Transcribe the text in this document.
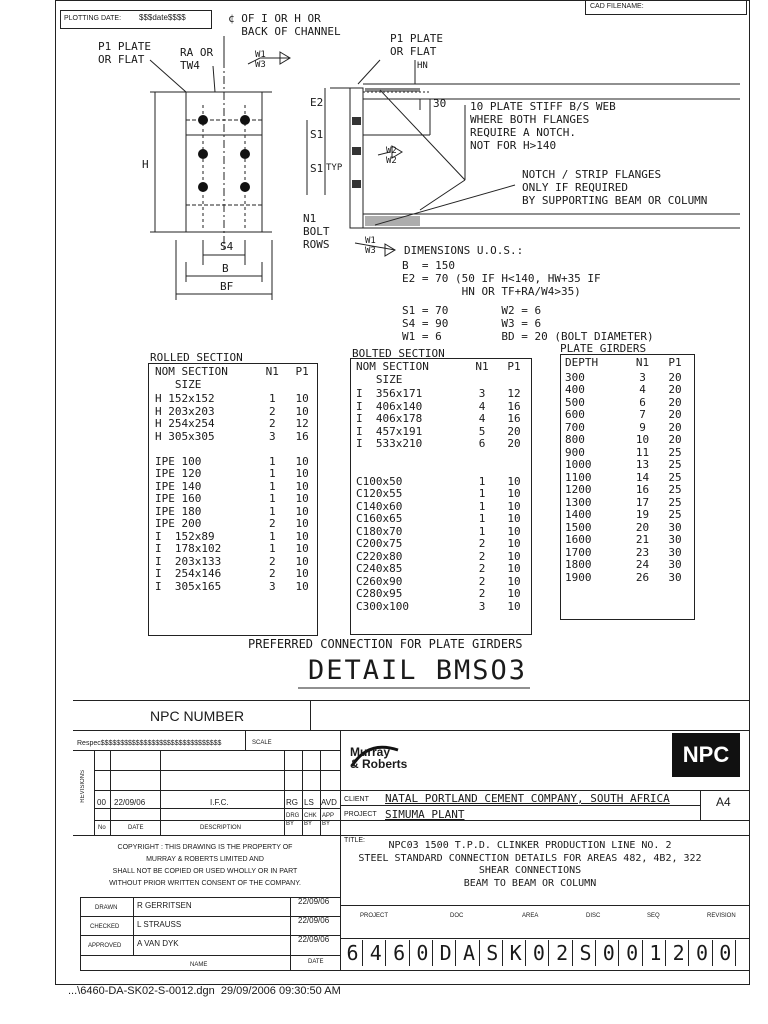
PLOTTING DATE: $$$date$$$$
CAD FILENAME:
¢ OF I OR H OR
BACK OF CHANNEL
P1 PLATE
OR FLAT
RA OR
TW4
W1
W3
P1 PLATE
OR FLAT
HN
30
E2
S1
S1 TYP
W2
W2
N1
BOLT
ROWS	W1
W3
H
S4
B
BF
10 PLATE STIFF B/S WEB
WHERE BOTH FLANGES
REQUIRE A NOTCH.
NOT FOR H>140
NOTCH / STRIP FLANGES
ONLY IF REQUIRED
BY SUPPORTING BEAM OR COLUMN
DIMENSIONS U.O.S.:
B  = 150
E2 = 70 (50 IF H<140, HW+35 IF
HN OR TF+RA/W4>35)
S1 = 70        W2 = 6
S4 = 90        W3 = 6
W1 = 6         BD = 20 (BOLT DIAMETER)
ROLLED SECTION
NOM SECTION
SIZE
N1	P1
H 152x152	1	10
H 203x203	2	10
H 254x254	2	12
H 305x305	3	16

IPE 100	1	10
IPE 120	1	10
IPE 140	1	10
IPE 160	1	10
IPE 180	1	10
IPE 200	2	10
I  152x89	1	10
I  178x102	1	10
I  203x133	2	10
I  254x146	2	10
I  305x165	3	10
BOLTED SECTION
NOM SECTION
SIZE
N1	P1
I  356x171	3	12
I  406x140	4	16
I  406x178	4	16
I  457x191	5	20
I  533x210	6	20

C100x50	1	10
C120x55	1	10
C140x60	1	10
C160x65	1	10
C180x70	1	10
C200x75	2	10
C220x80	2	10
C240x85	2	10
C260x90	2	10
C280x95	2	10
C300x100	3	10
PLATE GIRDERS
DEPTH	N1	P1
300	3	20
400	4	20
500	6	20
600	7	20
700	9	20
800	10	20
900	11	25
1000	13	25
1100	14	25
1200	16	25
1300	17	25
1400	19	25
1500	20	30
1600	21	30
1700	23	30
1800	24	30
1900	26	30
PREFERRED CONNECTION FOR PLATE GIRDERS
DETAIL BMSO3
NPC NUMBER
Respec$$$$$$$$$$$$$$$$$$$$$$$$$$$$$$$	SCALE
Murray
& Roberts	NPC
REVISIONS 00 22/09/06	I.F.C.	RG LS AVD
No	DATE	DESCRIPTION
DRG
BY
CHK
BY
APP
BY
CLIENT NATAL PORTLAND CEMENT COMPANY, SOUTH AFRICA	A4
PROJECT SIMUMA PLANT
TITLE:	NPC03 1500 T.P.D. CLINKER PRODUCTION LINE NO. 2
STEEL STANDARD CONNECTION DETAILS FOR AREAS 482, 4B2, 322
SHEAR CONNECTIONS
BEAM TO BEAM OR COLUMN
COPYRIGHT : THIS DRAWING IS THE PROPERTY OF
MURRAY & ROBERTS LIMITED AND
SHALL NOT BE COPIED OR USED WHOLLY OR IN PART
WITHOUT PRIOR WRITTEN CONSENT OF THE COMPANY.
DRAWN R GERRITSEN	22/09/06
CHECKED L STRAUSS	22/09/06
APPROVED A VAN DYK	22/09/06
NAME	DATE
PROJECT	DOC	AREA	DISC	SEQ	REVISION
6 4 6 0 D A S K 0 2 S 0 0 1 2 0 0
...\6460-DA-SK02-S-0012.dgn  29/09/2006 09:30:50 AM
